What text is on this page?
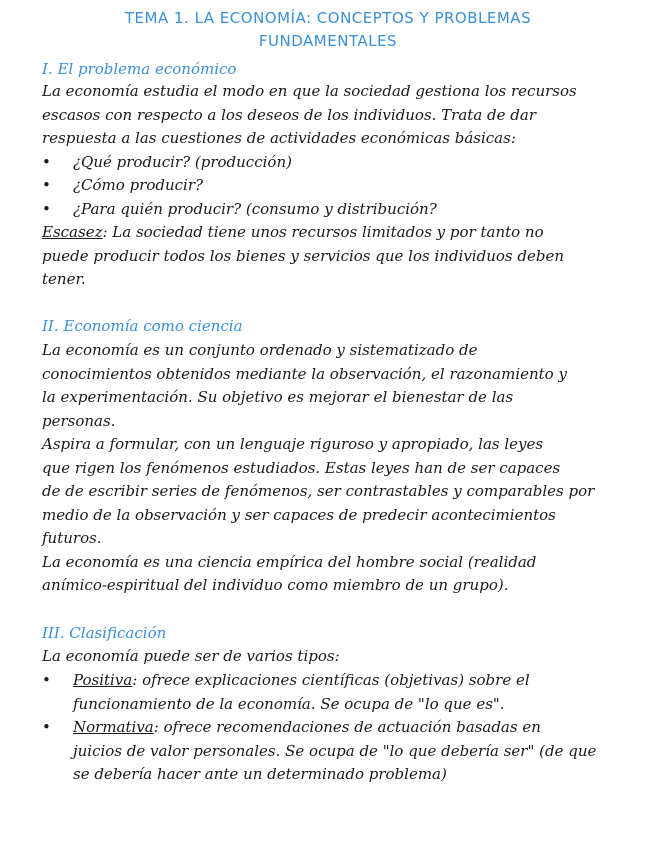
TEMA 1. LA ECONOMÍA: CONCEPTOS Y PROBLEMAS
FUNDAMENTALES
I. El problema económico
La economía estudia el modo en que la sociedad gestiona los recursos
escasos con respecto a los deseos de los individuos. Trata de dar
respuesta a las cuestiones de actividades económicas básicas:
• ¿Qué producir? (producción)
• ¿Cómo producir?
• ¿Para quién producir? (consumo y distribución?
Escasez: La sociedad tiene unos recursos limitados y por tanto no
puede producir todos los bienes y servicios que los individuos deben
tener.
II. Economía como ciencia
La economía es un conjunto ordenado y sistematizado de
conocimientos obtenidos mediante la observación, el razonamiento y
la experimentación. Su objetivo es mejorar el bienestar de las
personas.
Aspira a formular, con un lenguaje riguroso y apropiado, las leyes
que rigen los fenómenos estudiados. Estas leyes han de ser capaces
de de escribir series de fenómenos, ser contrastables y comparables por
medio de la observación y ser capaces de predecir acontecimientos
futuros.
La economía es una ciencia empírica del hombre social (realidad
anímico-espiritual del individuo como miembro de un grupo).
III. Clasificación
La economía puede ser de varios tipos:
• Positiva: ofrece explicaciones científicas (objetivas) sobre el
funcionamiento de la economía. Se ocupa de "lo que es".
• Normativa: ofrece recomendaciones de actuación basadas en
juicios de valor personales. Se ocupa de "lo que debería ser" (de que
se debería hacer ante un determinado problema)
